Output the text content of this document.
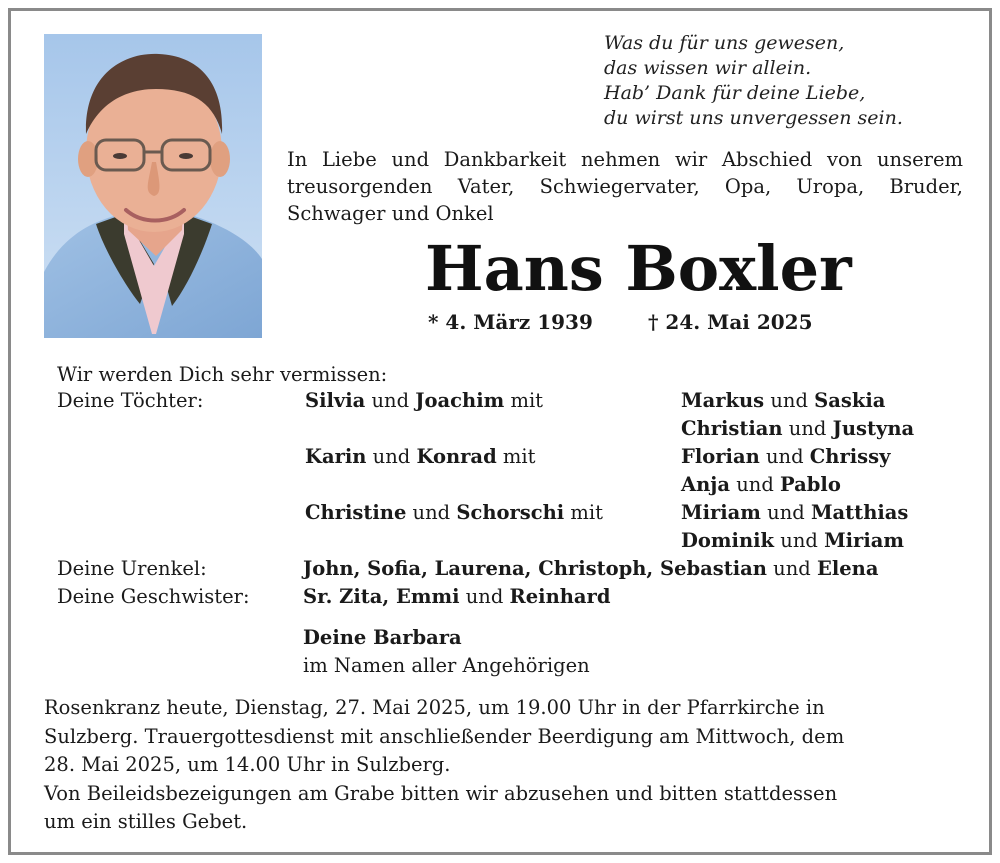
Was du für uns gewesen,
das wissen wir allein.
Hab’ Dank für deine Liebe,
du wirst uns unvergessen sein.
In Liebe und Dankbarkeit nehmen wir Abschied von unserem
treusorgenden Vater, Schwiegervater, Opa, Uropa, Bruder,
Schwager und Onkel
Hans Boxler
* 4. März 1939	† 24. Mai 2025
Wir werden Dich sehr vermissen:
Deine Töchter:	Silvia und Joachim mit	Markus und Saskia
Christian und Justyna
Karin und Konrad mit	Florian und Chrissy
Anja und Pablo
Christine und Schorschi mit	Miriam und Matthias
Dominik und Miriam
Deine Urenkel:	John, Sofia, Laurena, Christoph, Sebastian und Elena
Deine Geschwister:	Sr. Zita, Emmi und Reinhard
Deine Barbara
im Namen aller Angehörigen
Rosenkranz heute, Dienstag, 27. Mai 2025, um 19.00 Uhr in der Pfarrkirche in
Sulzberg. Trauergottesdienst mit anschließender Beerdigung am Mittwoch, dem
28. Mai 2025, um 14.00 Uhr in Sulzberg.
Von Beileidsbezeigungen am Grabe bitten wir abzusehen und bitten stattdessen
um ein stilles Gebet.
